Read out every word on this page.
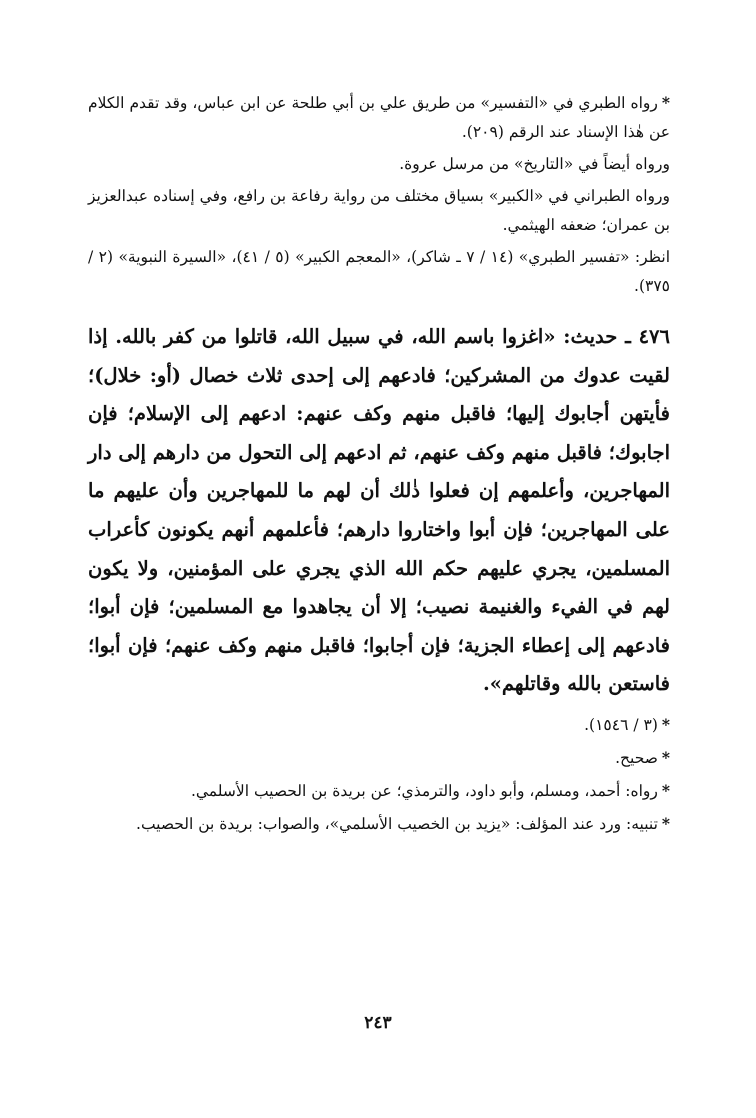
*رواه الطبري في «التفسير» من طريق علي بن أبي طلحة عن ابن عباس، وقد تقدم الكلام عن هٰذا الإسناد عند الرقم (٢٠٩).

ورواه أيضاً في «التاريخ» من مرسل عروة.

ورواه الطبراني في «الكبير» بسياق مختلف من رواية رفاعة بن رافع، وفي إسناده عبدالعزيز بن عمران؛ ضعفه الهيثمي.

انظر: «تفسير الطبري» (١٤ / ٧ ـ شاكر)، «المعجم الكبير» (٥ / ٤١)، «السيرة النبوية» (٢ / ٣٧٥).

٤٧٦ ـ حديث: «اغزوا باسم الله، في سبيل الله، قاتلوا من كفر بالله. إذا لقيت عدوك من المشركين؛ فادعهم إلى إحدى ثلاث خصال (أو: خلال)؛ فأيتهن أجابوك إليها؛ فاقبل منهم وكف عنهم: ادعهم إلى الإسلام؛ فإن اجابوك؛ فاقبل منهم وكف عنهم، ثم ادعهم إلى التحول من دارهم إلى دار المهاجرين، وأعلمهم إن فعلوا ذٰلك أن لهم ما للمهاجرين وأن عليهم ما على المهاجرين؛ فإن أبوا واختاروا دارهم؛ فأعلمهم أنهم يكونون كأعراب المسلمين، يجري عليهم حكم الله الذي يجري على المؤمنين، ولا يكون لهم في الفيء والغنيمة نصيب؛ إلا أن يجاهدوا مع المسلمين؛ فإن أبوا؛ فادعهم إلى إعطاء الجزية؛ فإن أجابوا؛ فاقبل منهم وكف عنهم؛ فإن أبوا؛ فاستعن بالله وقاتلهم».

*(٣ / ١٥٤٦).

*صحيح.

*رواه: أحمد، ومسلم، وأبو داود، والترمذي؛ عن بريدة بن الحصيب الأسلمي.

*تنبيه: ورد عند المؤلف: «يزيد بن الخصيب الأسلمي»، والصواب: بريدة بن الحصيب.

٢٤٣
